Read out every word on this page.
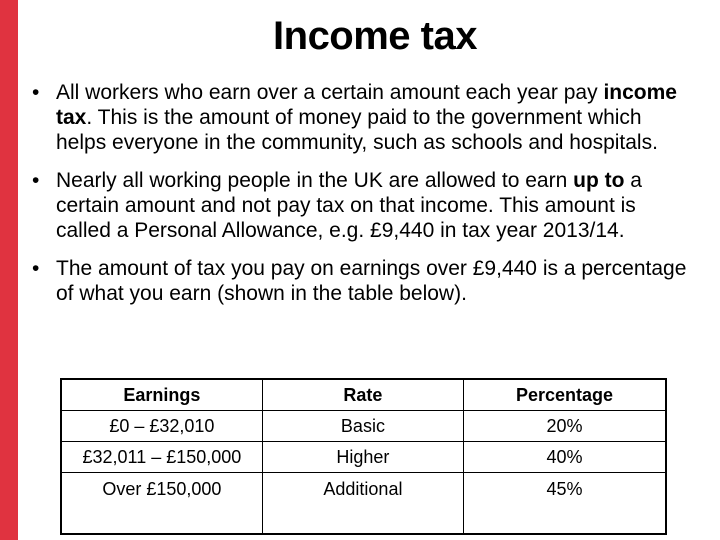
Income tax
• All workers who earn over a certain amount each year pay income tax. This is the amount of money paid to the government which helps everyone in the community, such as schools and hospitals.
• Nearly all working people in the UK are allowed to earn up to a certain amount and not pay tax on that income. This amount is called a Personal Allowance, e.g. £9,440 in tax year 2013/14.
• The amount of tax you pay on earnings over £9,440 is a percentage of what you earn (shown in the table below).
Earnings	Rate	Percentage
£0 – £32,010	Basic	20%
£32,011 – £150,000	Higher	40%
Over £150,000	Additional	45%
